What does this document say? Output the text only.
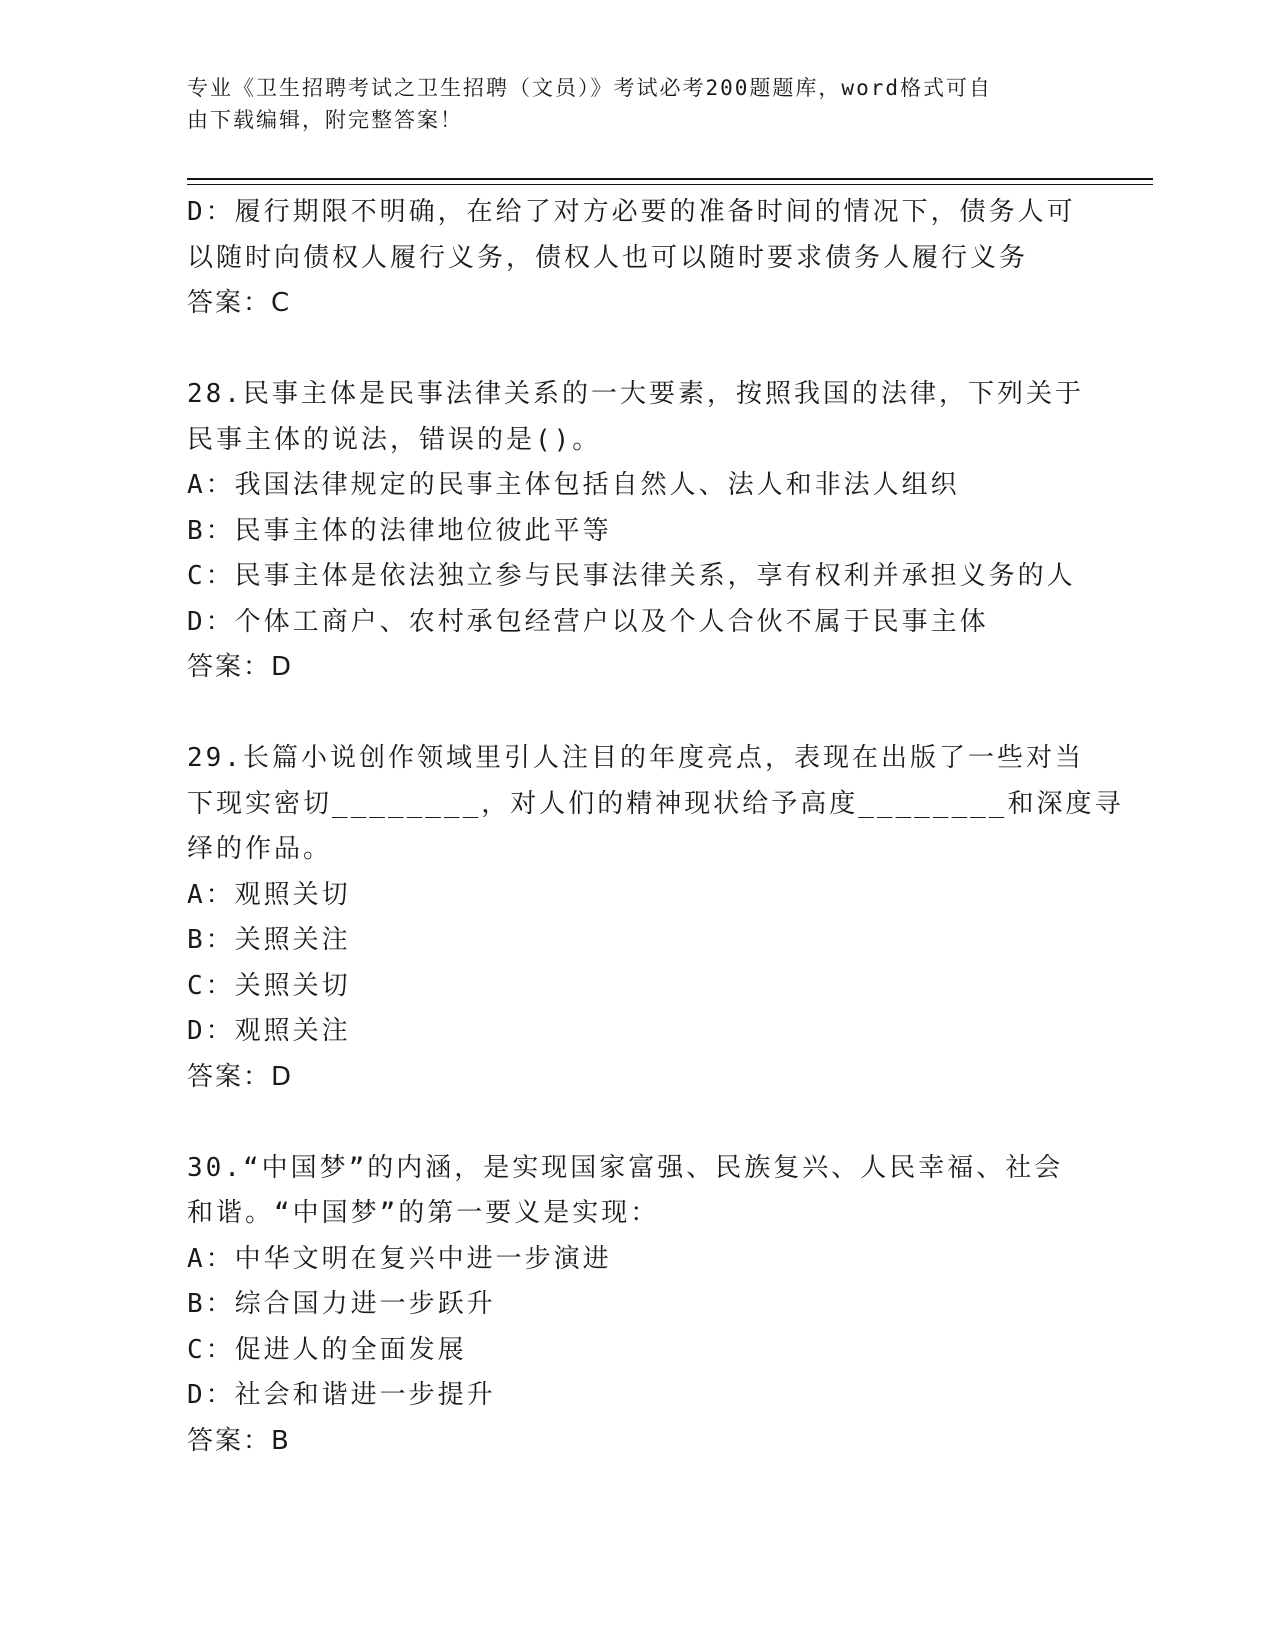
专业《卫生招聘考试之卫生招聘（文员）》考试必考200题题库，word格式可自
由下载编辑，附完整答案！
D：履行期限不明确，在给了对方必要的准备时间的情况下，债务人可
以随时向债权人履行义务，债权人也可以随时要求债务人履行义务
答案：C
28.民事主体是民事法律关系的一大要素，按照我国的法律，下列关于
民事主体的说法，错误的是()。
A：我国法律规定的民事主体包括自然人、法人和非法人组织
B：民事主体的法律地位彼此平等
C：民事主体是依法独立参与民事法律关系，享有权利并承担义务的人
D：个体工商户、农村承包经营户以及个人合伙不属于民事主体
答案：D
29.长篇小说创作领域里引人注目的年度亮点，表现在出版了一些对当
下现实密切________，对人们的精神现状给予高度________和深度寻
绎的作品。
A：观照关切
B：关照关注
C：关照关切
D：观照关注
答案：D
30.“中国梦”的内涵，是实现国家富强、民族复兴、人民幸福、社会
和谐。“中国梦”的第一要义是实现：
A：中华文明在复兴中进一步演进
B：综合国力进一步跃升
C：促进人的全面发展
D：社会和谐进一步提升
答案：B
